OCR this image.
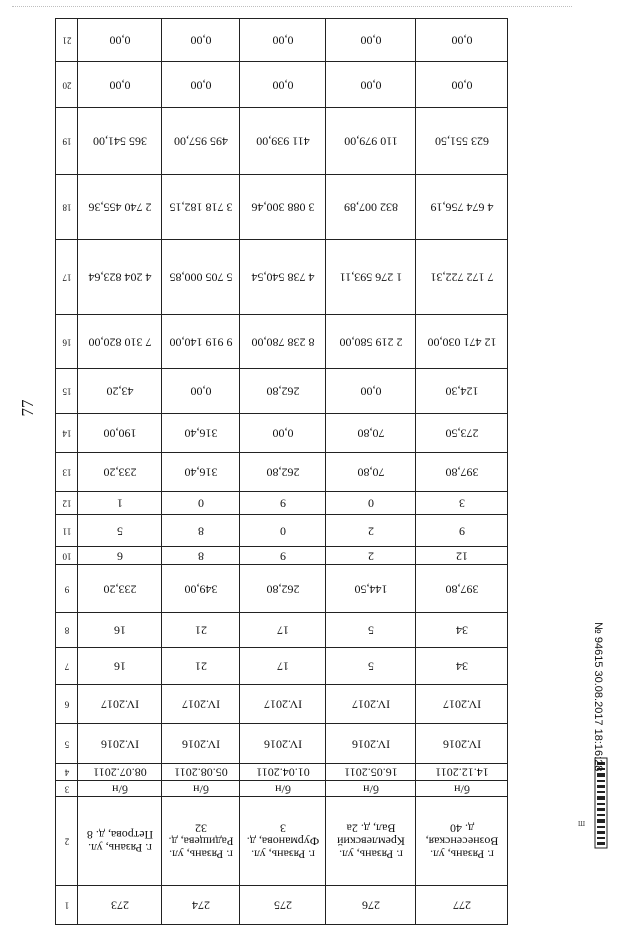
77
21	0,00	0,00	0,00	0,00	0,00

20	0,00	0,00	0,00	0,00	0,00

19	365 541,00	495 957,00	411 939,00	110 979,00	623 551,50

18	2 740 455,36	3 718 182,15	3 088 300,46	832 007,89	4 674 756,19

17	4 204 823,64	5 705 000,85	4 738 540,54	1 276 593,11	7 172 722,31

16	7 310 820,00	9 919 140,00	8 238 780,00	2 219 580,00	12 471 030,00

15	43,20	0,00	262,80	0,00	124,30

14	190,00	316,40	0,00	70,80	273,50

13	233,20	316,40	262,80	70,80	397,80

12	1	0	9	0	3

11	5	8	0	2	9

10	6	8	9	2	12

9	233,20	349,00	262,80	144,50	397,80

8	16	21	17	5	34

7	16	21	17	5	34

6	IV.2017	IV.2017	IV.2017	IV.2017	IV.2017

5	IV.2016	IV.2016	IV.2016	IV.2016	IV.2016

4	08.07.2011	05.08.2011	01.04.2011	16.05.2011	14.12.2011

3	б/н	б/н	б/н	б/н	б/н

2	г. Рязань, ул. Петрова, д. 8	г. Рязань, ул. Радищева, д. 32	г. Рязань, ул. Фурманова, д. 3	г. Рязань, ул. Кремлевский Вал, д. 2а	г. Рязань, ул. Вознесенская, д. 40

1	273	274	275	276	277
Ш
№ 94615 30.08.2017 18:16:28
